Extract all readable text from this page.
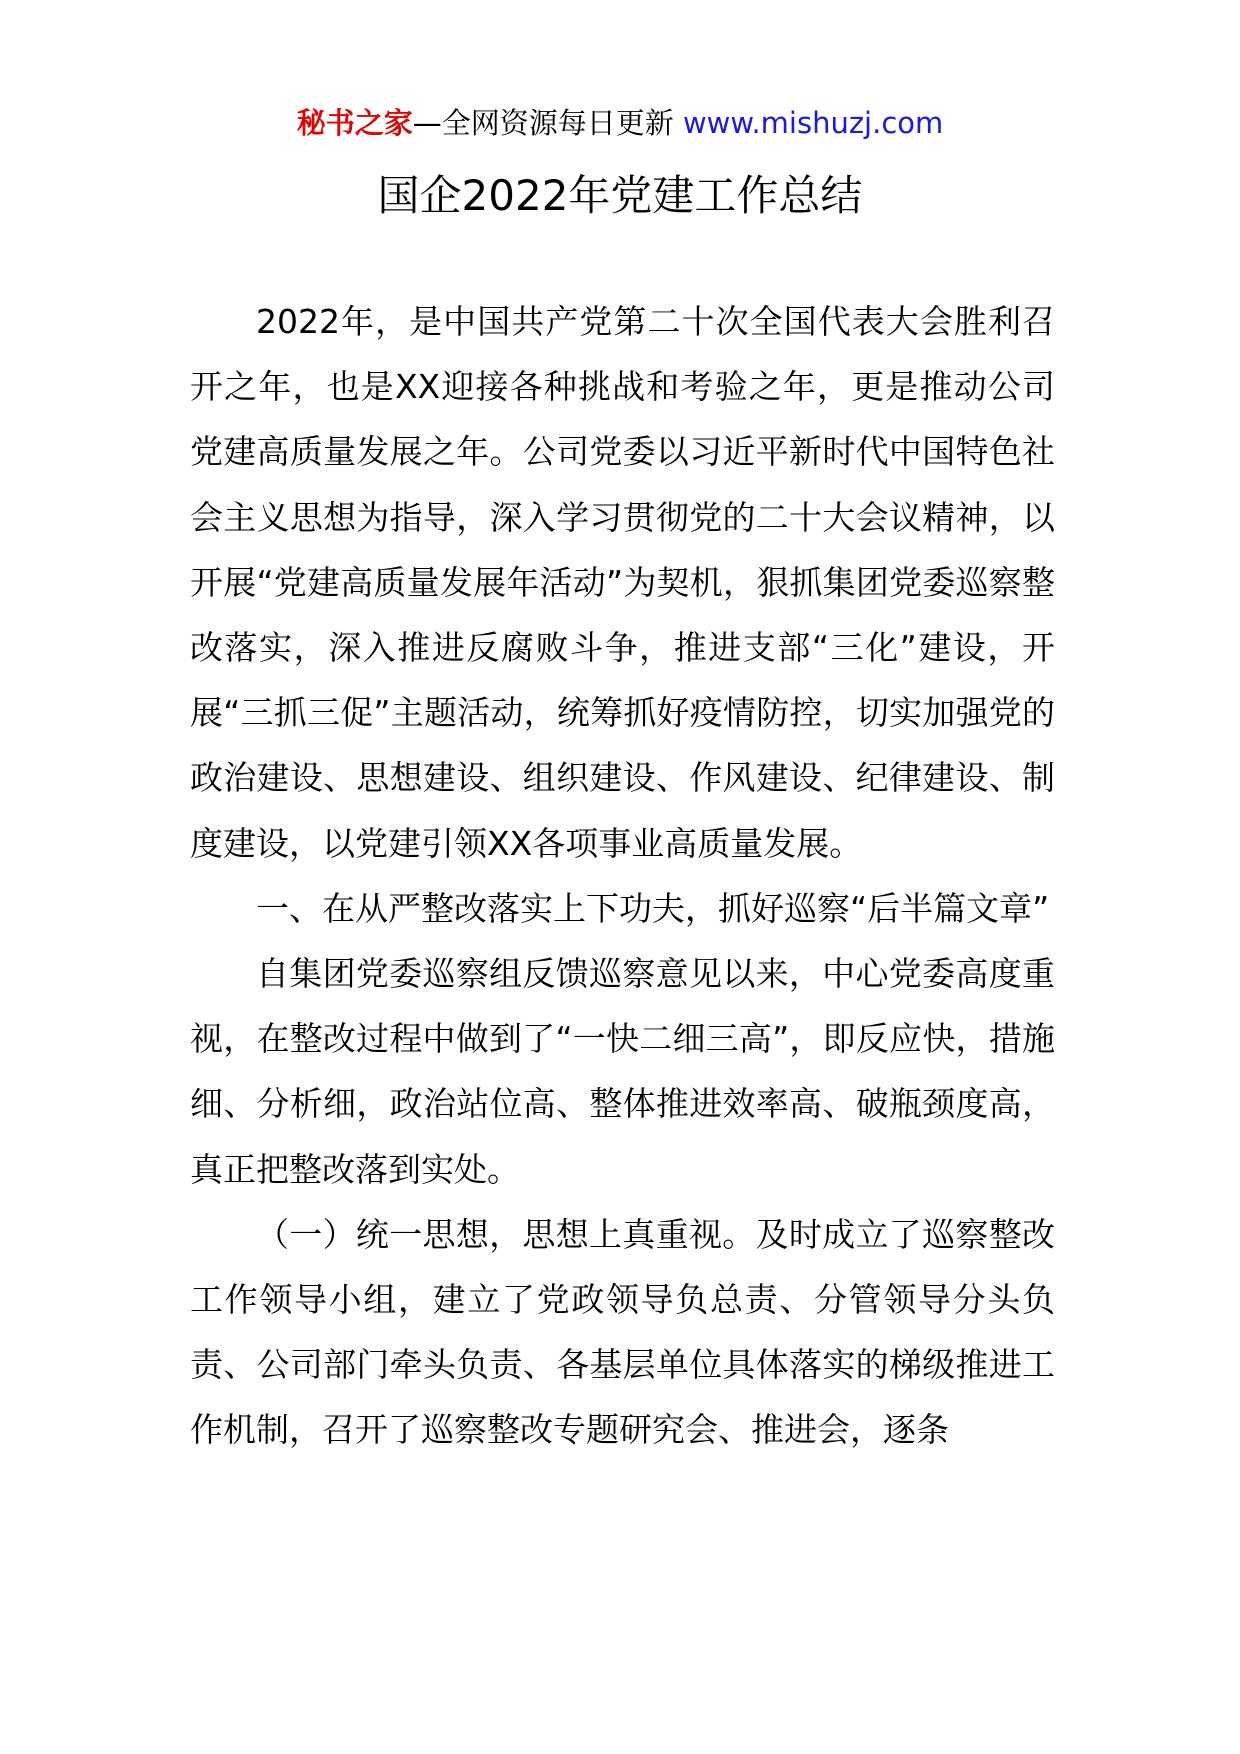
秘书之家—全网资源每日更新 www.mishuzj.com
国企2022年党建工作总结

2022年，是中国共产党第二十次全国代表大会胜利召开之年，也是XX迎接各种挑战和考验之年，更是推动公司党建高质量发展之年。公司党委以习近平新时代中国特色社会主义思想为指导，深入学习贯彻党的二十大会议精神，以开展“党建高质量发展年活动”为契机，狠抓集团党委巡察整改落实，深入推进反腐败斗争，推进支部“三化”建设，开展“三抓三促”主题活动，统筹抓好疫情防控，切实加强党的政治建设、思想建设、组织建设、作风建设、纪律建设、制度建设，以党建引领XX各项事业高质量发展。

一、在从严整改落实上下功夫，抓好巡察“后半篇文章”

自集团党委巡察组反馈巡察意见以来，中心党委高度重视，在整改过程中做到了“一快二细三高”，即反应快，措施细、分析细，政治站位高、整体推进效率高、破瓶颈度高，真正把整改落到实处。

（一）统一思想，思想上真重视。及时成立了巡察整改工作领导小组，建立了党政领导负总责、分管领导分头负责、公司部门牵头负责、各基层单位具体落实的梯级推进工作机制，召开了巡察整改专题研究会、推进会，逐条
